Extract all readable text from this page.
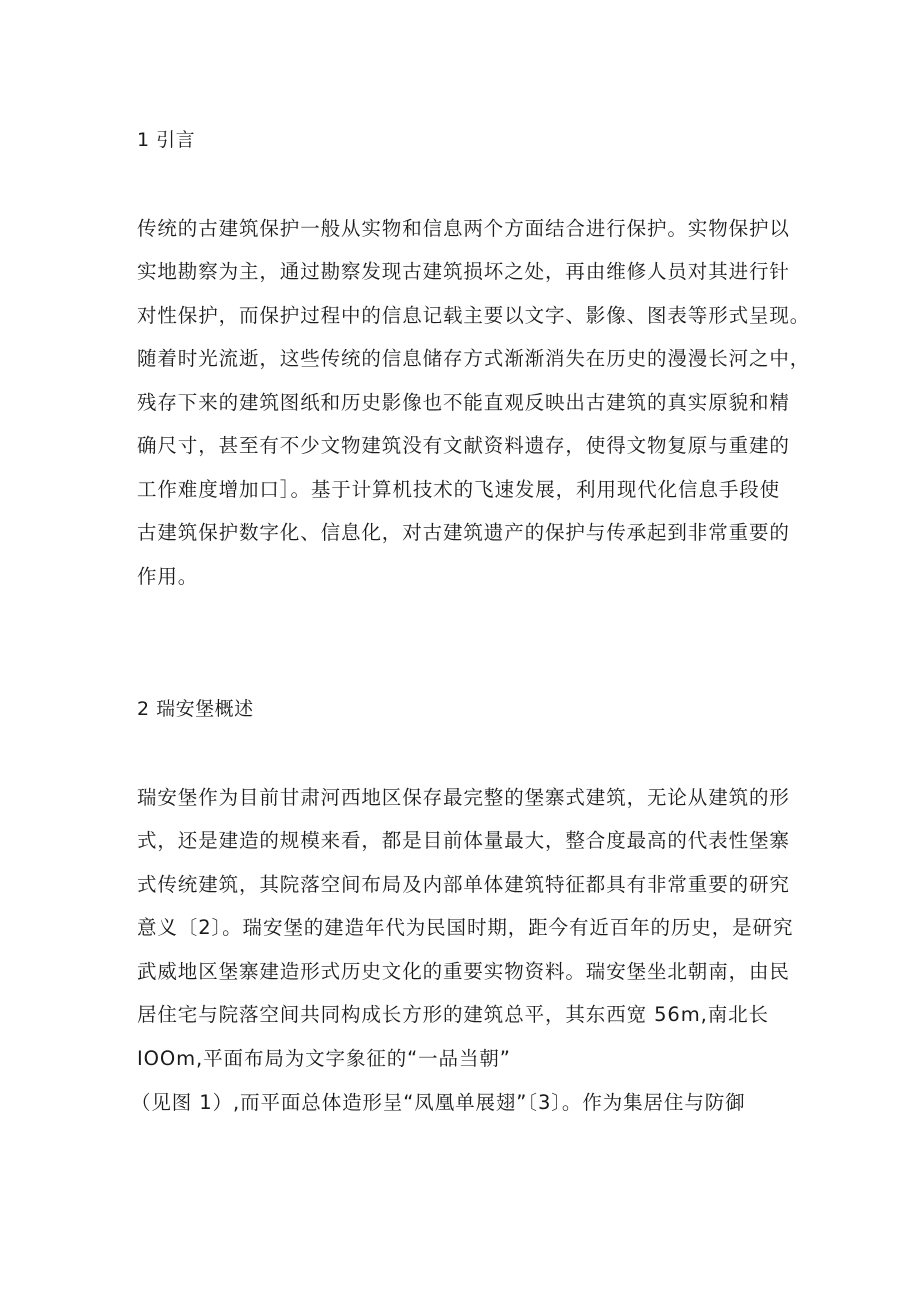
1 引言
传统的古建筑保护一般从实物和信息两个方面结合进行保护。实物保护以
实地勘察为主，通过勘察发现古建筑损坏之处，再由维修人员对其进行针
对性保护，而保护过程中的信息记载主要以文字、影像、图表等形式呈现。
随着时光流逝，这些传统的信息储存方式渐渐消失在历史的漫漫长河之中，
残存下来的建筑图纸和历史影像也不能直观反映出古建筑的真实原貌和精
确尺寸，甚至有不少文物建筑没有文献资料遗存，使得文物复原与重建的
工作难度增加口］。基于计算机技术的飞速发展，利用现代化信息手段使
古建筑保护数字化、信息化，对古建筑遗产的保护与传承起到非常重要的
作用。
2 瑞安堡概述
瑞安堡作为目前甘肃河西地区保存最完整的堡寨式建筑，无论从建筑的形
式，还是建造的规模来看，都是目前体量最大，整合度最高的代表性堡寨
式传统建筑，其院落空间布局及内部单体建筑特征都具有非常重要的研究
意义〔2〕。瑞安堡的建造年代为民国时期，距今有近百年的历史，是研究
武威地区堡寨建造形式历史文化的重要实物资料。瑞安堡坐北朝南，由民
居住宅与院落空间共同构成长方形的建筑总平，其东西宽 56m,南北长
IOOm,平面布局为文字象征的“一品当朝”
（见图 1）,而平面总体造形呈“凤凰单展翅”〔3〕。作为集居住与防御
